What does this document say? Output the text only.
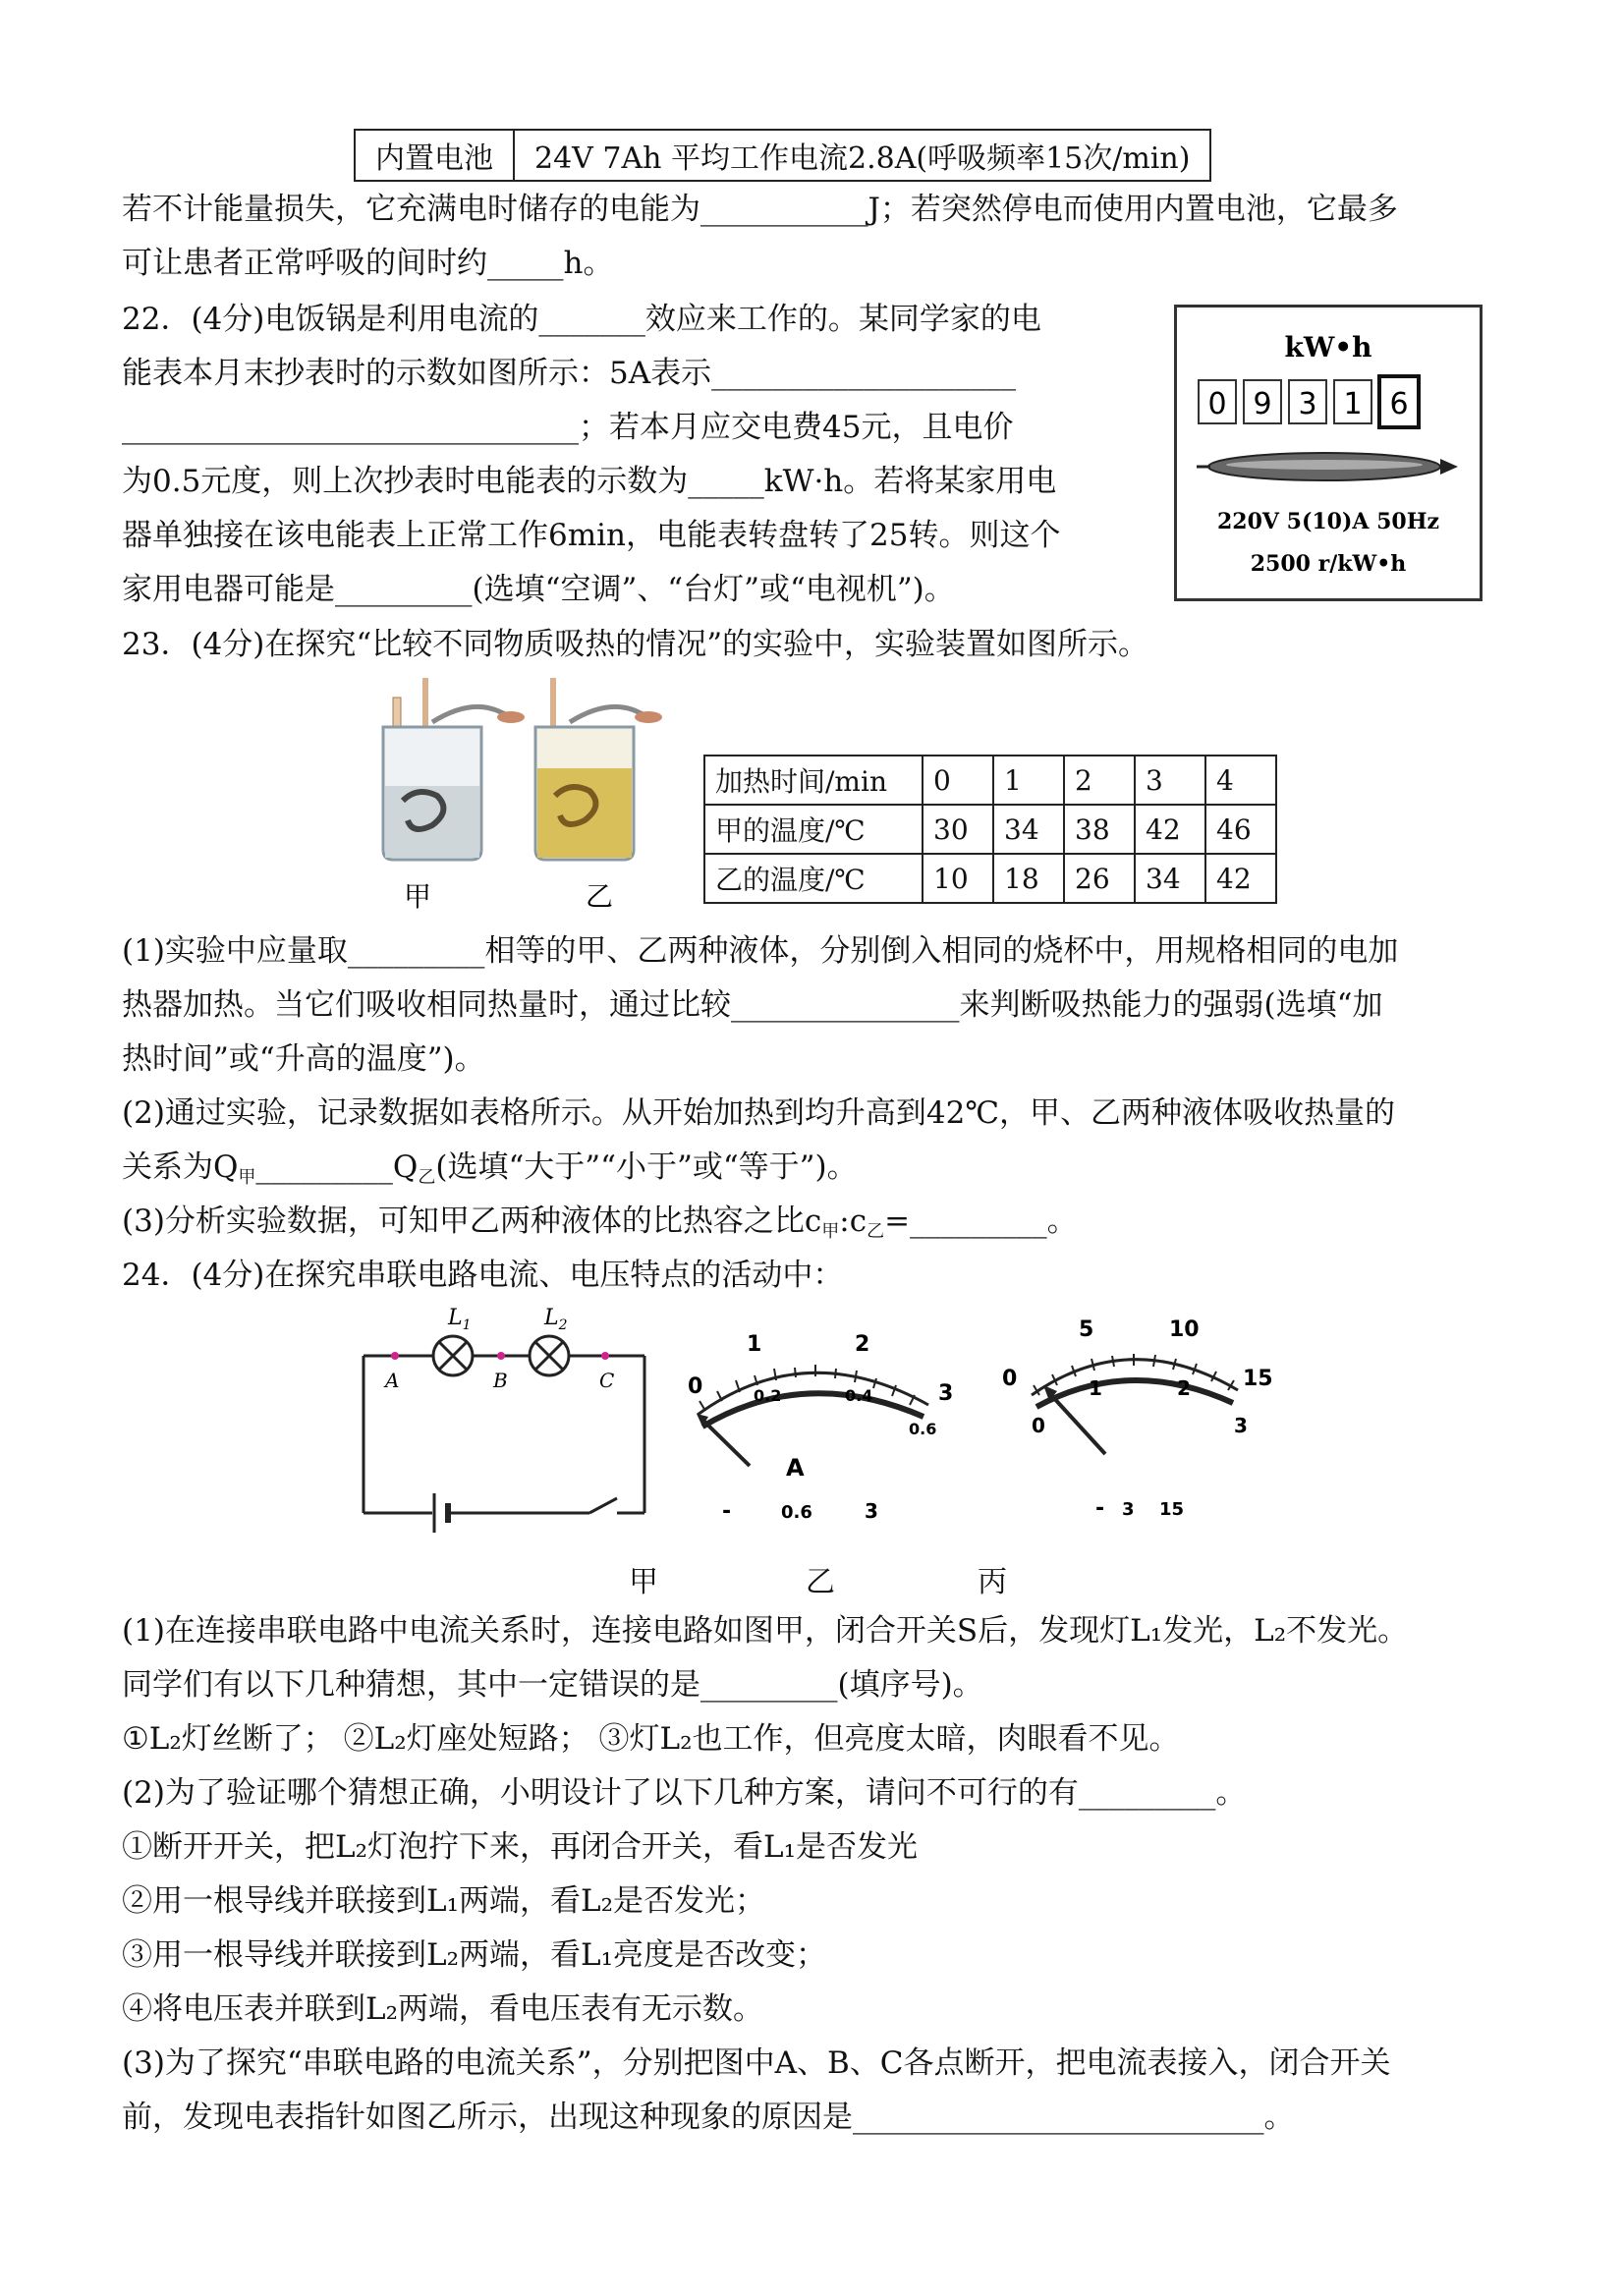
内置电池	24V 7Ah 平均工作电流2.8A(呼吸频率15次/min)
若不计能量损失，它充满电时储存的电能为___________J；若突然停电而使用内置电池，它最多
可让患者正常呼吸的间时约_____h。
22．(4分)电饭锅是利用电流的_______效应来工作的。某同学家的电
能表本月末抄表时的示数如图所示：5A表示____________________
______________________________；若本月应交电费45元，且电价
为0.5元度，则上次抄表时电能表的示数为_____kW·h。若将某家用电
器单独接在该电能表上正常工作6min，电能表转盘转了25转。则这个
家用电器可能是_________(选填“空调”、“台灯”或“电视机”)。
kW•h
0 9 3 1 6
220V 5(10)A 50Hz
2500 r/kW•h
23．(4分)在探究“比较不同物质吸热的情况”的实验中，实验装置如图所示。
甲	乙
加热时间/min	0	1	2	3	4
甲的温度/℃	30	34	38	42	46
乙的温度/℃	10	18	26	34	42
(1)实验中应量取_________相等的甲、乙两种液体，分别倒入相同的烧杯中，用规格相同的电加
热器加热。当它们吸收相同热量时，通过比较_______________来判断吸热能力的强弱(选填“加
热时间”或“升高的温度”)。
(2)通过实验，记录数据如表格所示。从开始加热到均升高到42℃，甲、乙两种液体吸收热量的
关系为$Q_甲\_\_\_\_\_\_\_\_\_Q_乙$(选填“大于”“小于”或“等于”)。
(3)分析实验数据，可知甲乙两种液体的比热容之比$c_甲:c_乙=\_\_\_\_\_\_\_\_\_$。
24．(4分)在探究串联电路电流、电压特点的活动中：
$L_1$	$L_2$
A	B	C	0
1	2
3
0.2	0.4
0.6
A
-	0.6	3
0
5	10
15
0
1	2
3
- 3 15
甲	乙	丙
(1)在连接串联电路中电流关系时，连接电路如图甲，闭合开关S后，发现灯L₁发光，L₂不发光。
同学们有以下几种猜想，其中一定错误的是_________(填序号)。
①L₂灯丝断了； ②L₂灯座处短路； ③灯L₂也工作，但亮度太暗，肉眼看不见。
(2)为了验证哪个猜想正确，小明设计了以下几种方案，请问不可行的有_________。
①断开开关，把L₂灯泡拧下来，再闭合开关，看L₁是否发光
②用一根导线并联接到L₁两端，看L₂是否发光；
③用一根导线并联接到L₂两端，看L₁亮度是否改变；
④将电压表并联到L₂两端，看电压表有无示数。
(3)为了探究“串联电路的电流关系”，分别把图中A、B、C各点断开，把电流表接入，闭合开关
前，发现电表指针如图乙所示，出现这种现象的原因是___________________________。
